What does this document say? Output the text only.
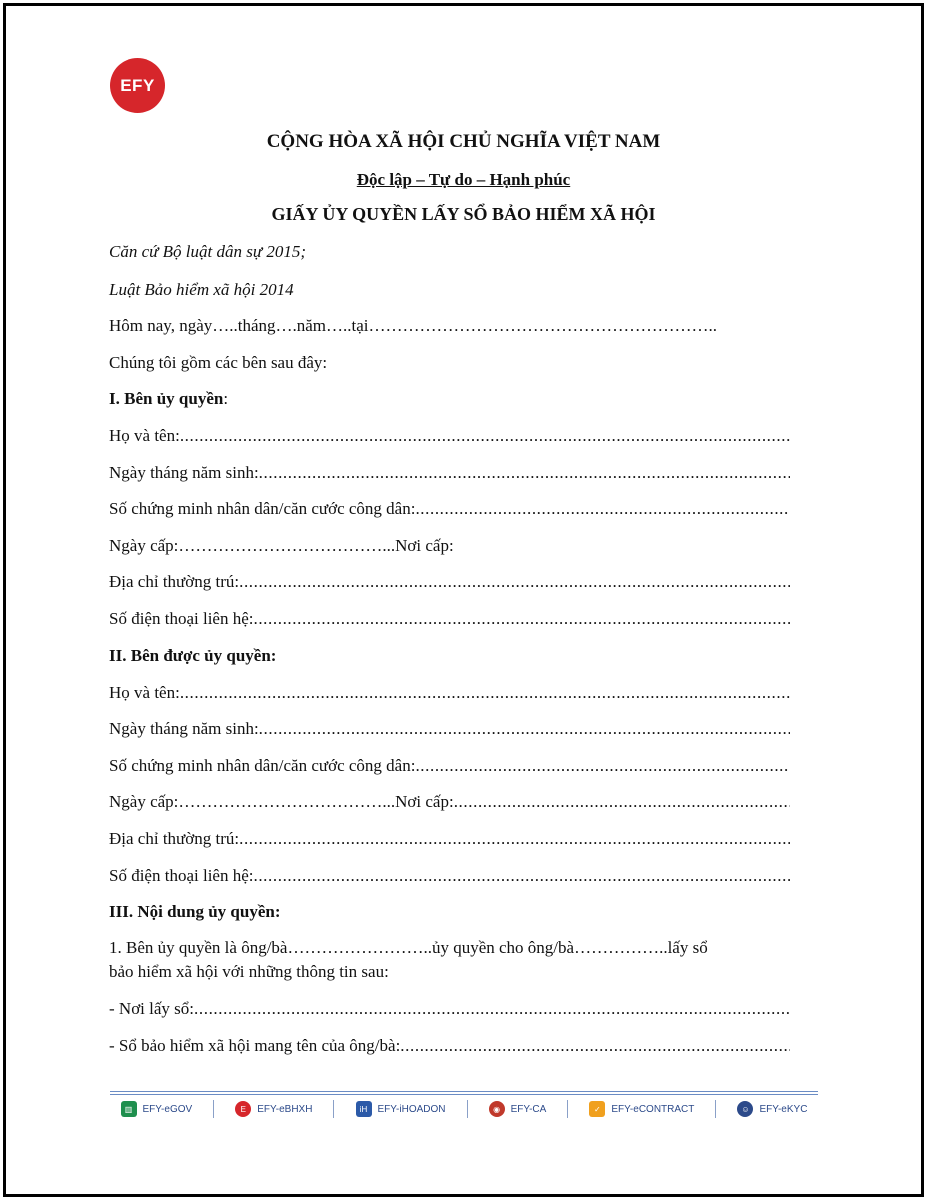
EFY
CỘNG HÒA XÃ HỘI CHỦ NGHĨA VIỆT NAM
Độc lập – Tự do – Hạnh phúc
GIẤY ỦY QUYỀN LẤY SỔ BẢO HIỂM XÃ HỘI
Căn cứ Bộ luật dân sự 2015;
Luật Bảo hiểm xã hội 2014
Hôm nay, ngày…..tháng….năm…..tại……………………………………………………..
Chúng tôi gồm các bên sau đây:
I. Bên ủy quyền:
Họ và tên:
.....
Ngày tháng năm sinh:
.....
Số chứng minh nhân dân/căn cước công dân:
.....
Ngày cấp:………………………………...Nơi cấp:
Địa chỉ thường trú:
.....
Số điện thoại liên hệ:
.....
II. Bên được ủy quyền:
Họ và tên:
.....
Ngày tháng năm sinh:
.....
Số chứng minh nhân dân/căn cước công dân:
.....
Ngày cấp:………………………………...Nơi cấp:
.....
Địa chỉ thường trú:
.....
Số điện thoại liên hệ:
.....
III. Nội dung ủy quyền:
1. Bên ủy quyền là ông/bà……………………..ủy quyền cho ông/bà……………..lấy sổ
bảo hiểm xã hội với những thông tin sau:
- Nơi lấy sổ:
.....
- Sổ bảo hiểm xã hội mang tên của ông/bà:
.....
▥	EFY-eGOV	E	EFY-eBHXH	iH	EFY-iHOADON	◉	EFY-CA	✓	EFY-eCONTRACT	☺ EFY-eKYC
